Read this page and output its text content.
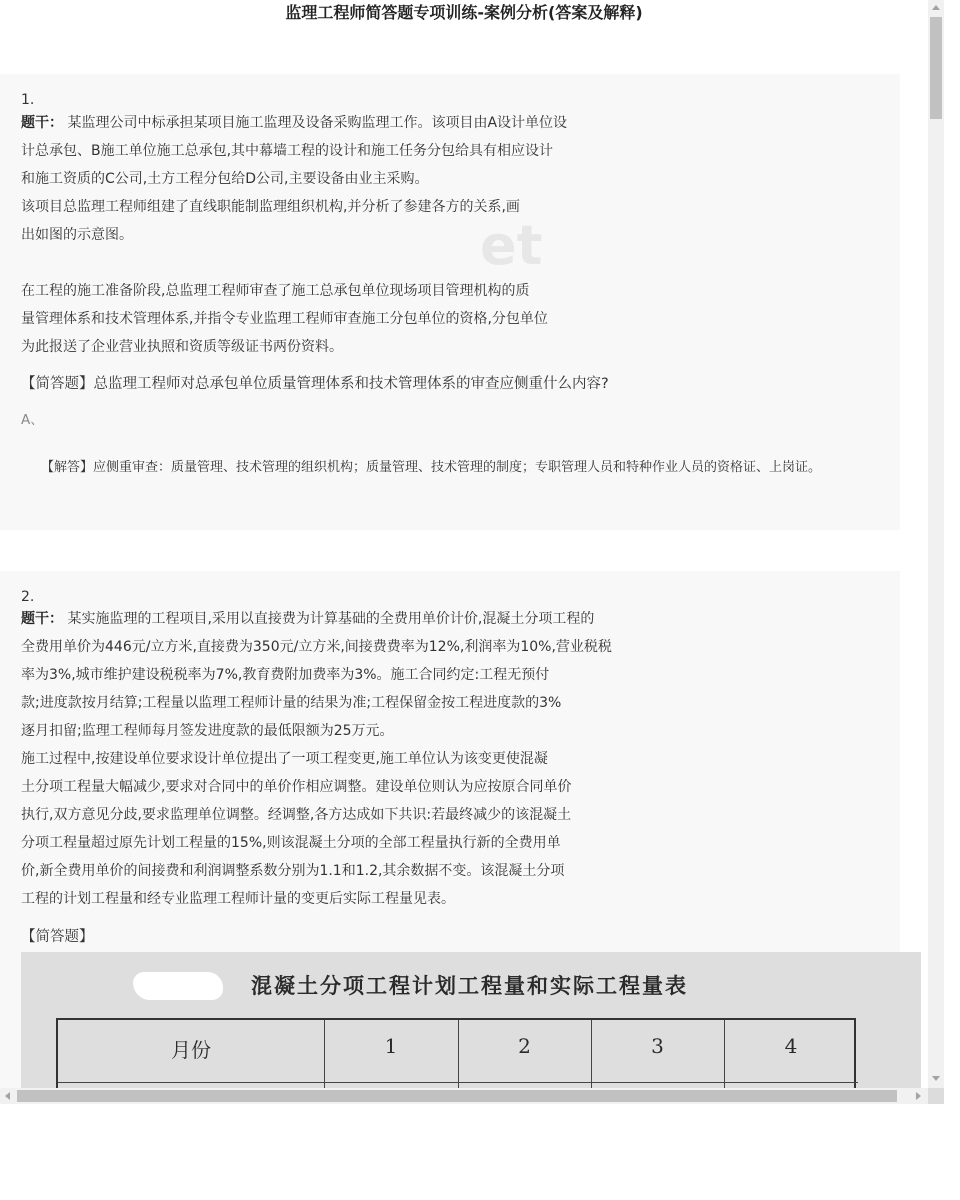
监理工程师简答题专项训练-案例分析(答案及解释)
et
1.
题干： 某监理公司中标承担某项目施工监理及设备采购监理工作。该项目由A设计单位设
计总承包、B施工单位施工总承包,其中幕墙工程的设计和施工任务分包给具有相应设计
和施工资质的C公司,土方工程分包给D公司,主要设备由业主采购。
该项目总监理工程师组建了直线职能制监理组织机构,并分析了参建各方的关系,画
出如图的示意图。
在工程的施工准备阶段,总监理工程师审查了施工总承包单位现场项目管理机构的质
量管理体系和技术管理体系,并指令专业监理工程师审查施工分包单位的资格,分包单位
为此报送了企业营业执照和资质等级证书两份资料。
【简答题】总监理工程师对总承包单位质量管理体系和技术管理体系的审查应侧重什么内容?
A、
【解答】应侧重审查：质量管理、技术管理的组织机构；质量管理、技术管理的制度；专职管理人员和特种作业人员的资格证、上岗证。
2.
题干： 某实施监理的工程项目,采用以直接费为计算基础的全费用单价计价,混凝土分项工程的
全费用单价为446元/立方米,直接费为350元/立方米,间接费费率为12%,利润率为10%,营业税税
率为3%,城市维护建设税税率为7%,教育费附加费率为3%。施工合同约定:工程无预付
款;进度款按月结算;工程量以监理工程师计量的结果为准;工程保留金按工程进度款的3%
逐月扣留;监理工程师每月签发进度款的最低限额为25万元。
施工过程中,按建设单位要求设计单位提出了一项工程变更,施工单位认为该变更使混凝
土分项工程量大幅减少,要求对合同中的单价作相应调整。建设单位则认为应按原合同单价
执行,双方意见分歧,要求监理单位调整。经调整,各方达成如下共识:若最终减少的该混凝土
分项工程量超过原先计划工程量的15%,则该混凝土分项的全部工程量执行新的全费用单
价,新全费用单价的间接费和利润调整系数分别为1.1和1.2,其余数据不变。该混凝土分项
工程的计划工程量和经专业监理工程师计量的变更后实际工程量见表。
【简答题】
混凝土分项工程计划工程量和实际工程量表
月份	1	2	3	4
